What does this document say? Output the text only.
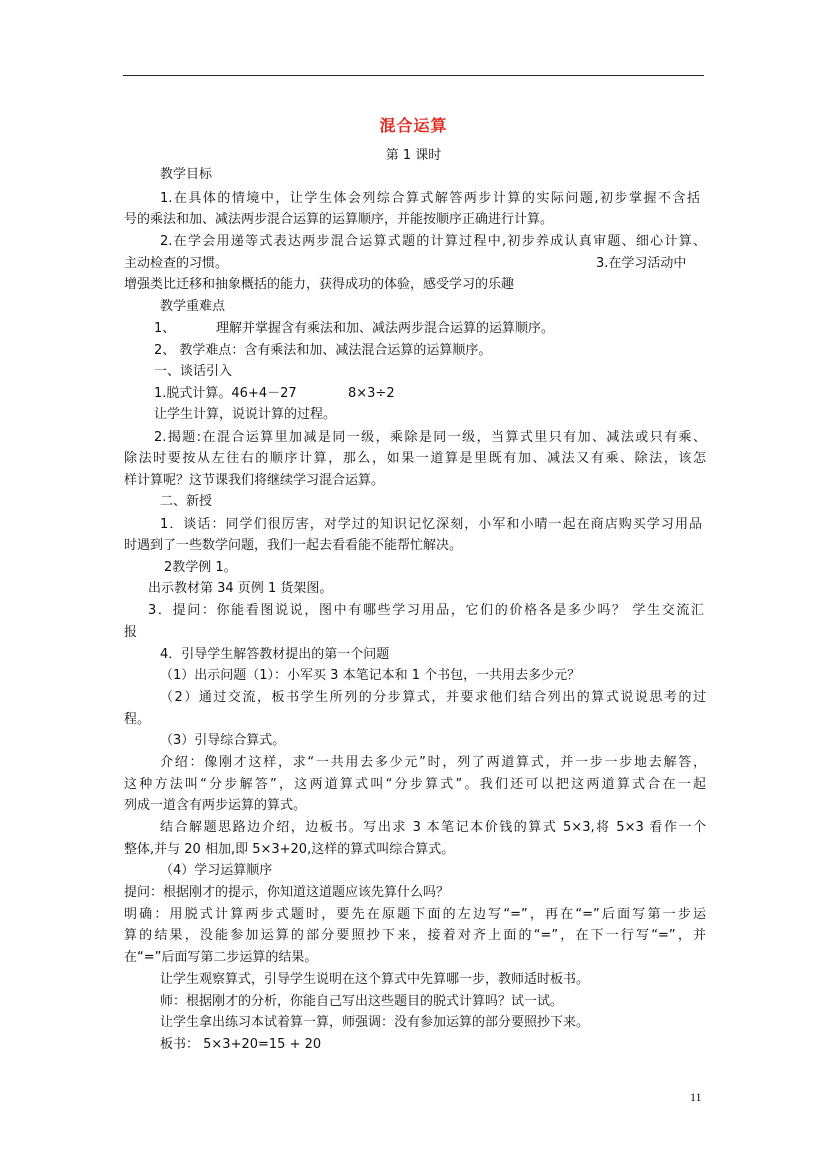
混合运算
第 1 课时
教学目标
1.在具体的情境中，让学生体会列综合算式解答两步计算的实际问题,初步掌握不含括
号的乘法和加、减法两步混合运算的运算顺序，并能按顺序正确进行计算。
2.在学会用递等式表达两步混合运算式题的计算过程中,初步养成认真审题、细心计算、
主动检查的习惯。	3.在学习活动中
增强类比迁移和抽象概括的能力，获得成功的体验，感受学习的乐趣
教学重难点
1、	理解并掌握含有乘法和加、减法两步混合运算的运算顺序。
2、 教学难点：含有乘法和加、减法混合运算的运算顺序。
一、谈话引入
1.脱式计算。46+4－27	8×3÷2
让学生计算，说说计算的过程。
2.揭题:在混合运算里加减是同一级，乘除是同一级，当算式里只有加、减法或只有乘、
除法时要按从左往右的顺序计算，那么，如果一道算是里既有加、减法又有乘、除法，该怎
样计算呢？这节课我们将继续学习混合运算。
二、新授
1．谈话：同学们很厉害，对学过的知识记忆深刻，小军和小晴一起在商店购买学习用品
时遇到了一些数学问题，我们一起去看看能不能帮忙解决。
2教学例 1。
出示教材第 34 页例 1 货架图。
3．提问：你能看图说说，图中有哪些学习用品，它们的价格各是多少吗？ 学生交流汇
报
4．引导学生解答教材提出的第一个问题
（1）出示问题（1）：小军买 3 本笔记本和 1 个书包，一共用去多少元？
（2）通过交流，板书学生所列的分步算式，并要求他们结合列出的算式说说思考的过
程。
（3）引导综合算式。
介绍：像刚才这样，求“一共用去多少元”时，列了两道算式，并一步一步地去解答，
这种方法叫“分步解答”，这两道算式叫“分步算式”。我们还可以把这两道算式合在一起
列成一道含有两步运算的算式。
结合解题思路边介绍，边板书。写出求 3 本笔记本价钱的算式 5×3,将 5×3 看作一个
整体,并与 20 相加,即 5×3+20,这样的算式叫综合算式。
（4）学习运算顺序
提问：根据刚才的提示，你知道这道题应该先算什么吗？
明确：用脱式计算两步式题时，要先在原题下面的左边写“=”，再在“=”后面写第一步运
算的结果，没能参加运算的部分要照抄下来，接着对齐上面的“=”，在下一行写“=”，并
在“=”后面写第二步运算的结果。
让学生观察算式，引导学生说明在这个算式中先算哪一步，教师适时板书。
师：根据刚才的分析，你能自己写出这些题目的脱式计算吗？试一试。
让学生拿出练习本试着算一算，师强调：没有参加运算的部分要照抄下来。
板书： 5×3+20=15 + 20
11
